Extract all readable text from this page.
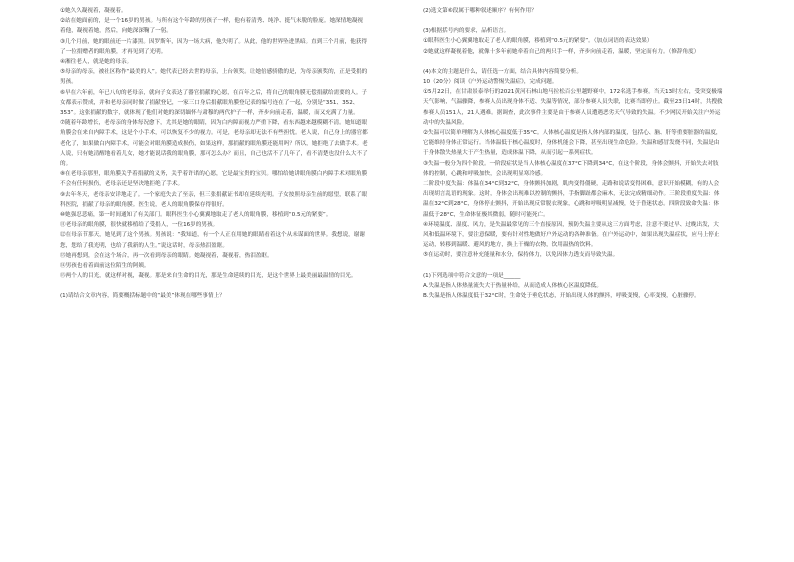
①她久久凝视着，凝视着。

②站在她面前的，是一个16岁的男孩。与所有这个年龄的男孩子一样，他有着清秀、纯净、挺气未脱的脸庞。她深情地凝视着他，凝视着她，然后，向她深深鞠了一躬。

③几个月前，她的眼前还一片漆黑。因罗斯年，因为一场大病，他失明了。从此，他的世界坠进黑暗。直到三个月前，他获得了一位捐赠者的眼角膜，才再见到了光明。

④湘往老人，就是她的母亲。

⑤母亲的母亲，被社区称作“最美的人”。她代表已经去世的母亲，上台领奖。让她倍感骄傲的是，为母亲颁奖的，正是受捐的男孩。

⑥早在六年前，年已八旬的老母亲，就向子女表达了器官捐献的心愿，在百年之后，将自己的眼角膜无偿捐献给需要的人。子女都表示赞成，并和老母亲同时做了捐献登记，一家三口身后捐献眼角膜登记表的编号连在了一起，分别是“351、352、353”。这张捐献的数字，就体现了他们对她的深切缅怀与肃穆的两代护子一样，齐步向前走着，温暖，而又充满了力量。

⑦随着年龄增长，老母亲的身体每况愈下，尤其是她的眼睛，因为白内障而视力严重下降，看东西越来越模糊不清。她知道眼角膜会在来自内障手术，这是个小手术，可以恢复不少的视力。可是，老母亲却无法不有些担忧。老人说，自己身上的器官都老化了，如果做白内障手术，可能会对眼角膜造成损伤，如果这样，那捐献的眼角膜还能用吗？所以，她拒绝了去做手术。老人说，只有她清醒地看着儿女，她才能说话我的眼角膜，那可怎么办？而且，自己也活不了几年了，看不清楚也没什么大不了的。

⑧在老母亲那里，眼角膜关乎着捐献的义务，关乎着许诺的心愿，它是最宝贵的宝贝。哪怕给她讲眼角膜白内障手术对眼角膜不会有任何损伤，老母亲还是坚决地拒绝了手术。

⑨去年冬天，老母亲安详地走了。一个家庭失去了至亲，但三张捐献证书却在延续光明。子女按照母亲生前的愿望，联系了眼科医院，捐献了母亲的眼角膜。医生说，老人的眼角膜保存得很好。

⑩她强忍悲痛，第一时间通知了有关部门。眼科医生小心翼翼地取走了老人的眼角膜，移植到“0.5元的紧要”。

⑪老母亲的眼角膜，很快就移植给了受捐人，一位16岁的男孩。

⑫在母亲节那天，她见到了这个男孩。男孩说：“我知道，有一个人正在用她的眼睛看着这个从未谋面的世界。我想说，谢谢您，您给了我光明，也给了我新的人生。”说这话时，母亲热泪盈眶。

⑬她再想到，会在这个场合，再一次看到母亲的眼睛。她凝视着，凝视着，热泪盈眶。

⑭男孩也看着面前这位陌生的阿姨。

⑮两个人的目光，就这样对视，凝视。那是来自生命的目光，那是生命延续的目光，是这个世界上最美丽最温情的目光。

(1)请结合文章内容，简要概括标题中的“最美”体现在哪些事情上？

(2)选文第⑥段属于哪种叙述顺序？有何作用？

(3)根据括号内的要求，品析语言。

①眼科医生小心翼翼地取走了老人的眼角膜，移植到“0.5元的紧要”。（加点词语的表达效果）

②她就这样凝视着他，就像十多年前她牵着自己的两只手一样，齐步向前走着，温暖，坚定而有力。（修辞角度）

(4)本文的主题是什么，请任选一方面，结合具体内容简要分析。

10（20分）阅读《户外运动警惕失温症》，完成问题。

①5月22日，在甘肃景泰举行的2021黄河石林山地马拉松百公里越野赛中，172名选手参赛。当天13时左右，受突变极端天气影响，气温骤降，参赛人员出现身体不适、失温等情况，部分参赛人员失联，比赛当即停止。截至23日14时，共搜救参赛人员151人，21人遇难。据调查，此次事件主要是由于参赛人员遭遇恶劣天气导致的失温。不少网民开始关注户外运动中的失温风险。

②失温可以简单理解为人体核心温度低于35°C。人体核心温度是指人体内部的温度，包括心、脑、肝等重要脏器的温度，它能维持身体正常运行。当体温低于核心温度时，身体机能会下降，甚至出现生命危险。失温和感冒发烧不同，失温是由于身体散失热量大于产生热量，造成体温下降，从而引起一系列症状。

③失温一般分为四个阶段。一阶段症状是当人体核心温度在37°C下降到34°C，在这个阶段，身体会颤抖，开始失去对肢体的控制，心跳和呼吸加快，会出现明显寒冷感。

二阶段中度失温：体温在34°C到32°C，身体颤抖加剧，肌肉变得僵硬，走路和说话变得困难，意识开始模糊，有的人会出现胡言乱语的现象。这时，身体会出现难以控制的颤抖，手指脚趾都会麻木，无法完成精细动作。三阶段重度失温：体温在32°C到28°C，身体停止颤抖，开始出现反常脱衣现象，心跳和呼吸明显减慢，处于昏迷状态。四阶段致命失温：体温低于28°C，生命体征极其微弱，随时可能死亡。

④环境温度、湿度、风力，是失温最常见的三个直接原因，预防失温主要从这三方面考虑，注意不要过早、过晚出发，大风和低温环境下，要注意保暖，要有针对性地做好户外运动的各种准备。在户外运动中，如果出现失温症状，应马上停止运动，转移到温暖、避风的地方，换上干燥的衣物，饮用温热的饮料。

⑤在运动时，要注意补充能量和水分，保持体力，以免因体力透支而导致失温。

(1)下列选项中符合文意的一项是______

A.失温是指人体热量流失大于热量补给，从而造成人体核心区温度降低。

B.失温是指人体温度低于32°C时，生命处于垂危状态，开始出现人体的颤抖，呼吸变慢，心率变慢，心脏骤停。
